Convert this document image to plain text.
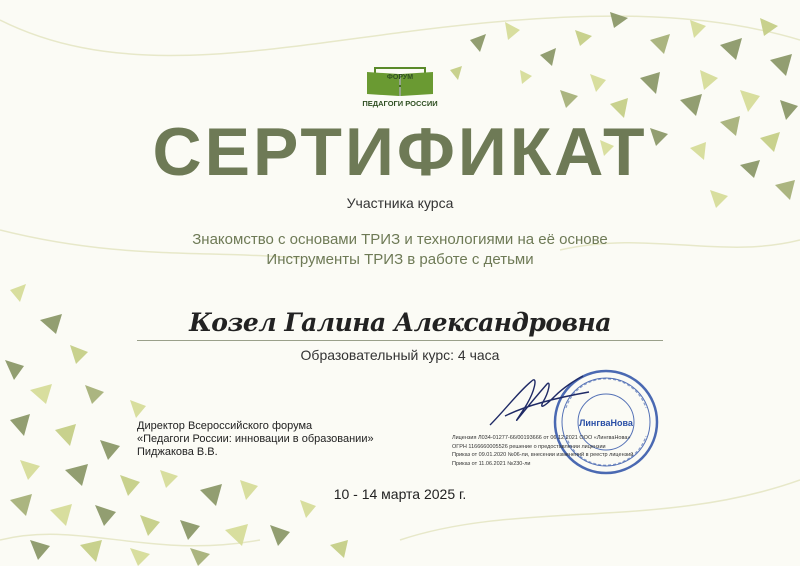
ФОРУМ
ПЕДАГОГИ РОССИИ
СЕРТИФИКАТ
Участника курса
Знакомство с основами ТРИЗ и технологиями на её основе
Инструменты ТРИЗ в работе с детьми
Козел Галина Александровна
Образовательный курс: 4 часа
Директор Всероссийского форума
«Педагоги России: инновации в образовании»
Пиджакова В.В.
ЛингваНова
Лицензия Л034-01277-66/00193666 от 06.12.2021 ООО «ЛингваНова»
ОГРН 1166660005526 решение о предоставлении лицензии
Приказ от 09.01.2020 №06-ли, внесении изменений в реестр лицензий
Приказ от 11.06.2021 №230-ли
10 - 14 марта 2025 г.
